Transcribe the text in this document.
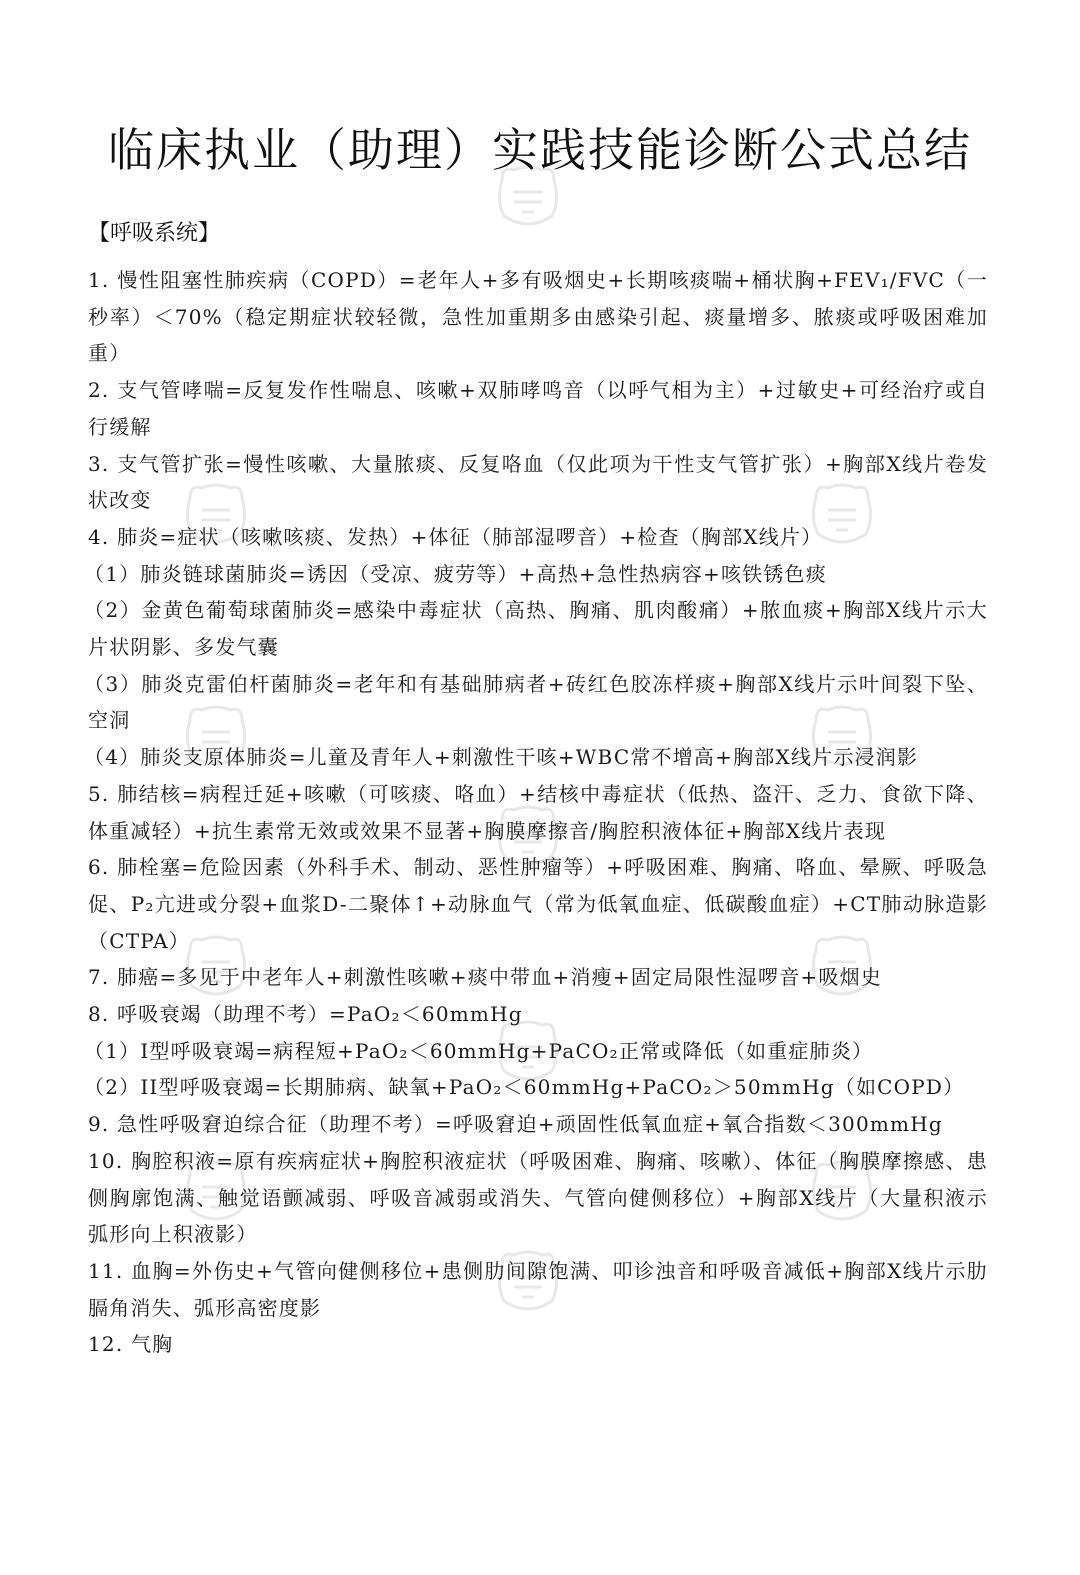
临床执业（助理）实践技能诊断公式总结
【呼吸系统】

1. 慢性阻塞性肺疾病（COPD）=老年人+多有吸烟史+长期咳痰喘+桶状胸+FEV₁/FVC（一秒率）＜70%（稳定期症状较轻微，急性加重期多由感染引起、痰量增多、脓痰或呼吸困难加重）

2. 支气管哮喘=反复发作性喘息、咳嗽+双肺哮鸣音（以呼气相为主）+过敏史+可经治疗或自行缓解

3. 支气管扩张=慢性咳嗽、大量脓痰、反复咯血（仅此项为干性支气管扩张）+胸部X线片卷发状改变

4. 肺炎=症状（咳嗽咳痰、发热）+体征（肺部湿啰音）+检查（胸部X线片）

（1）肺炎链球菌肺炎=诱因（受凉、疲劳等）+高热+急性热病容+咳铁锈色痰

（2）金黄色葡萄球菌肺炎=感染中毒症状（高热、胸痛、肌肉酸痛）+脓血痰+胸部X线片示大片状阴影、多发气囊

（3）肺炎克雷伯杆菌肺炎=老年和有基础肺病者+砖红色胶冻样痰+胸部X线片示叶间裂下坠、空洞

（4）肺炎支原体肺炎=儿童及青年人+刺激性干咳+WBC常不增高+胸部X线片示浸润影

5. 肺结核=病程迁延+咳嗽（可咳痰、咯血）+结核中毒症状（低热、盗汗、乏力、食欲下降、体重减轻）+抗生素常无效或效果不显著+胸膜摩擦音/胸腔积液体征+胸部X线片表现

6. 肺栓塞=危险因素（外科手术、制动、恶性肿瘤等）+呼吸困难、胸痛、咯血、晕厥、呼吸急促、P₂亢进或分裂+血浆D-二聚体↑+动脉血气（常为低氧血症、低碳酸血症）+CT肺动脉造影（CTPA）

7. 肺癌=多见于中老年人+刺激性咳嗽+痰中带血+消瘦+固定局限性湿啰音+吸烟史

8. 呼吸衰竭（助理不考）=PaO₂＜60mmHg

（1）I型呼吸衰竭=病程短+PaO₂＜60mmHg+PaCO₂正常或降低（如重症肺炎）

（2）II型呼吸衰竭=长期肺病、缺氧+PaO₂＜60mmHg+PaCO₂＞50mmHg（如COPD）

9. 急性呼吸窘迫综合征（助理不考）=呼吸窘迫+顽固性低氧血症+氧合指数＜300mmHg

10. 胸腔积液=原有疾病症状+胸腔积液症状（呼吸困难、胸痛、咳嗽）、体征（胸膜摩擦感、患侧胸廓饱满、触觉语颤减弱、呼吸音减弱或消失、气管向健侧移位）+胸部X线片（大量积液示弧形向上积液影）

11. 血胸=外伤史+气管向健侧移位+患侧肋间隙饱满、叩诊浊音和呼吸音减低+胸部X线片示肋膈角消失、弧形高密度影

12. 气胸
